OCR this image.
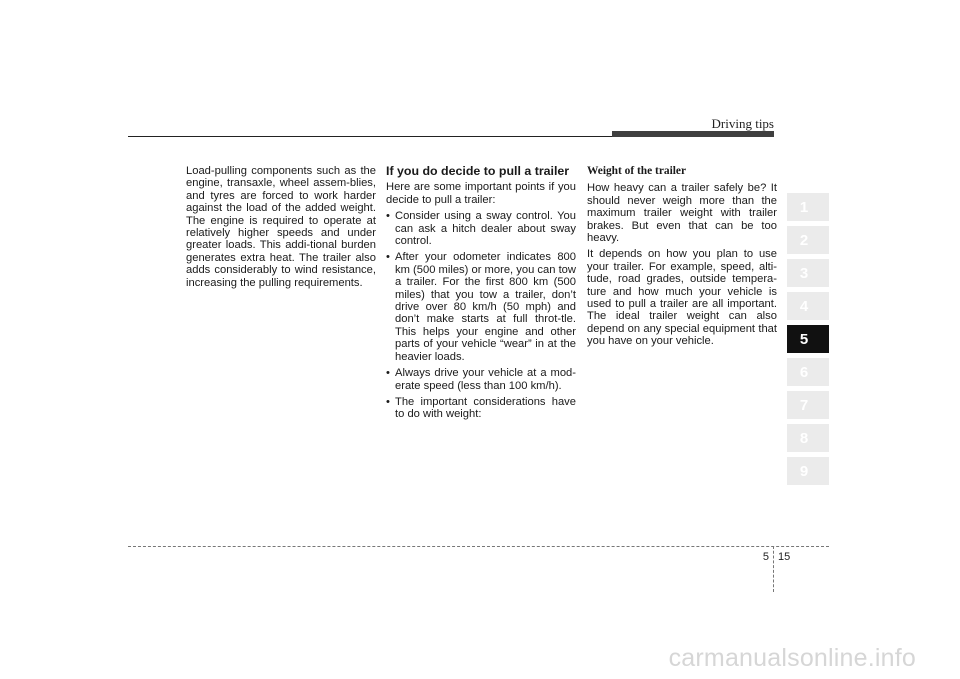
Driving tips

Load-pulling components such as the engine, transaxle, wheel assem-blies, and tyres are forced to work harder against the load of the added weight. The engine is required to operate at relatively higher speeds and under greater loads. This addi-tional burden generates extra heat. The trailer also adds considerably to wind resistance, increasing the pulling requirements.

If you do decide to pull a trailer

Here are some important points if you decide to pull a trailer:

• Consider using a sway control. You can ask a hitch dealer about sway control.
• After your odometer indicates 800 km (500 miles) or more, you can tow a trailer. For the first 800 km (500 miles) that you tow a trailer, don’t drive over 80 km/h (50 mph) and don’t make starts at full throt-tle. This helps your engine and other parts of your vehicle “wear” in at the heavier loads.
• Always drive your vehicle at a mod-erate speed (less than 100 km/h).
• The important considerations have to do with weight:
Weight of the trailer

How heavy can a trailer safely be? It should never weigh more than the maximum trailer weight with trailer brakes. But even that can be too heavy.

It depends on how you plan to use your trailer. For example, speed, alti-tude, road grades, outside tempera-ture and how much your vehicle is used to pull a trailer are all important. The ideal trailer weight can also depend on any special equipment that you have on your vehicle.

1
2
3
4
5
6
7
8
9
5 15
carmanualsonline.info
